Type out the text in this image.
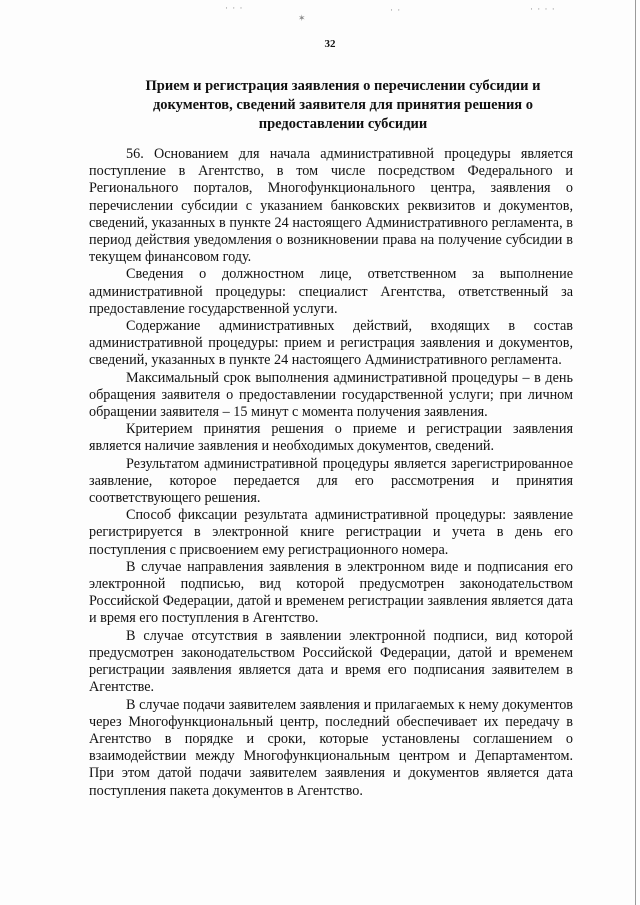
· · ·
✶
· ·	· · · ·
32
Прием и регистрация заявления о перечислении субсидии и документов, сведений заявителя для принятия решения о предоставлении субсидии

56. Основанием для начала административной процедуры является поступление в Агентство, в том числе посредством Федерального и Регионального порталов, Многофункционального центра, заявления о перечислении субсидии с указанием банковских реквизитов и документов, сведений, указанных в пункте 24 настоящего Административного регламента, в период действия уведомления о возникновении права на получение субсидии в текущем финансовом году.

Сведения о должностном лице, ответственном за выполнение административной процедуры: специалист Агентства, ответственный за предоставление государственной услуги.

Содержание административных действий, входящих в состав административной процедуры: прием и регистрация заявления и документов, сведений, указанных в пункте 24 настоящего Административного регламента.

Максимальный срок выполнения административной процедуры – в день обращения заявителя о предоставлении государственной услуги; при личном обращении заявителя – 15 минут с момента получения заявления.

Критерием принятия решения о приеме и регистрации заявления является наличие заявления и необходимых документов, сведений.

Результатом административной процедуры является зарегистрированное заявление, которое передается для его рассмотрения и принятия соответствующего решения.

Способ фиксации результата административной процедуры: заявление регистрируется в электронной книге регистрации и учета в день его поступления с присвоением ему регистрационного номера.

В случае направления заявления в электронном виде и подписания его электронной подписью, вид которой предусмотрен законодательством Российской Федерации, датой и временем регистрации заявления является дата и время его поступления в Агентство.

В случае отсутствия в заявлении электронной подписи, вид которой предусмотрен законодательством Российской Федерации, датой и временем регистрации заявления является дата и время его подписания заявителем в Агентстве.

В случае подачи заявителем заявления и прилагаемых к нему документов через Многофункциональный центр, последний обеспечивает их передачу в Агентство в порядке и сроки, которые установлены соглашением о взаимодействии между Многофункциональным центром и Департаментом. При этом датой подачи заявителем заявления и документов является дата поступления пакета документов в Агентство.
